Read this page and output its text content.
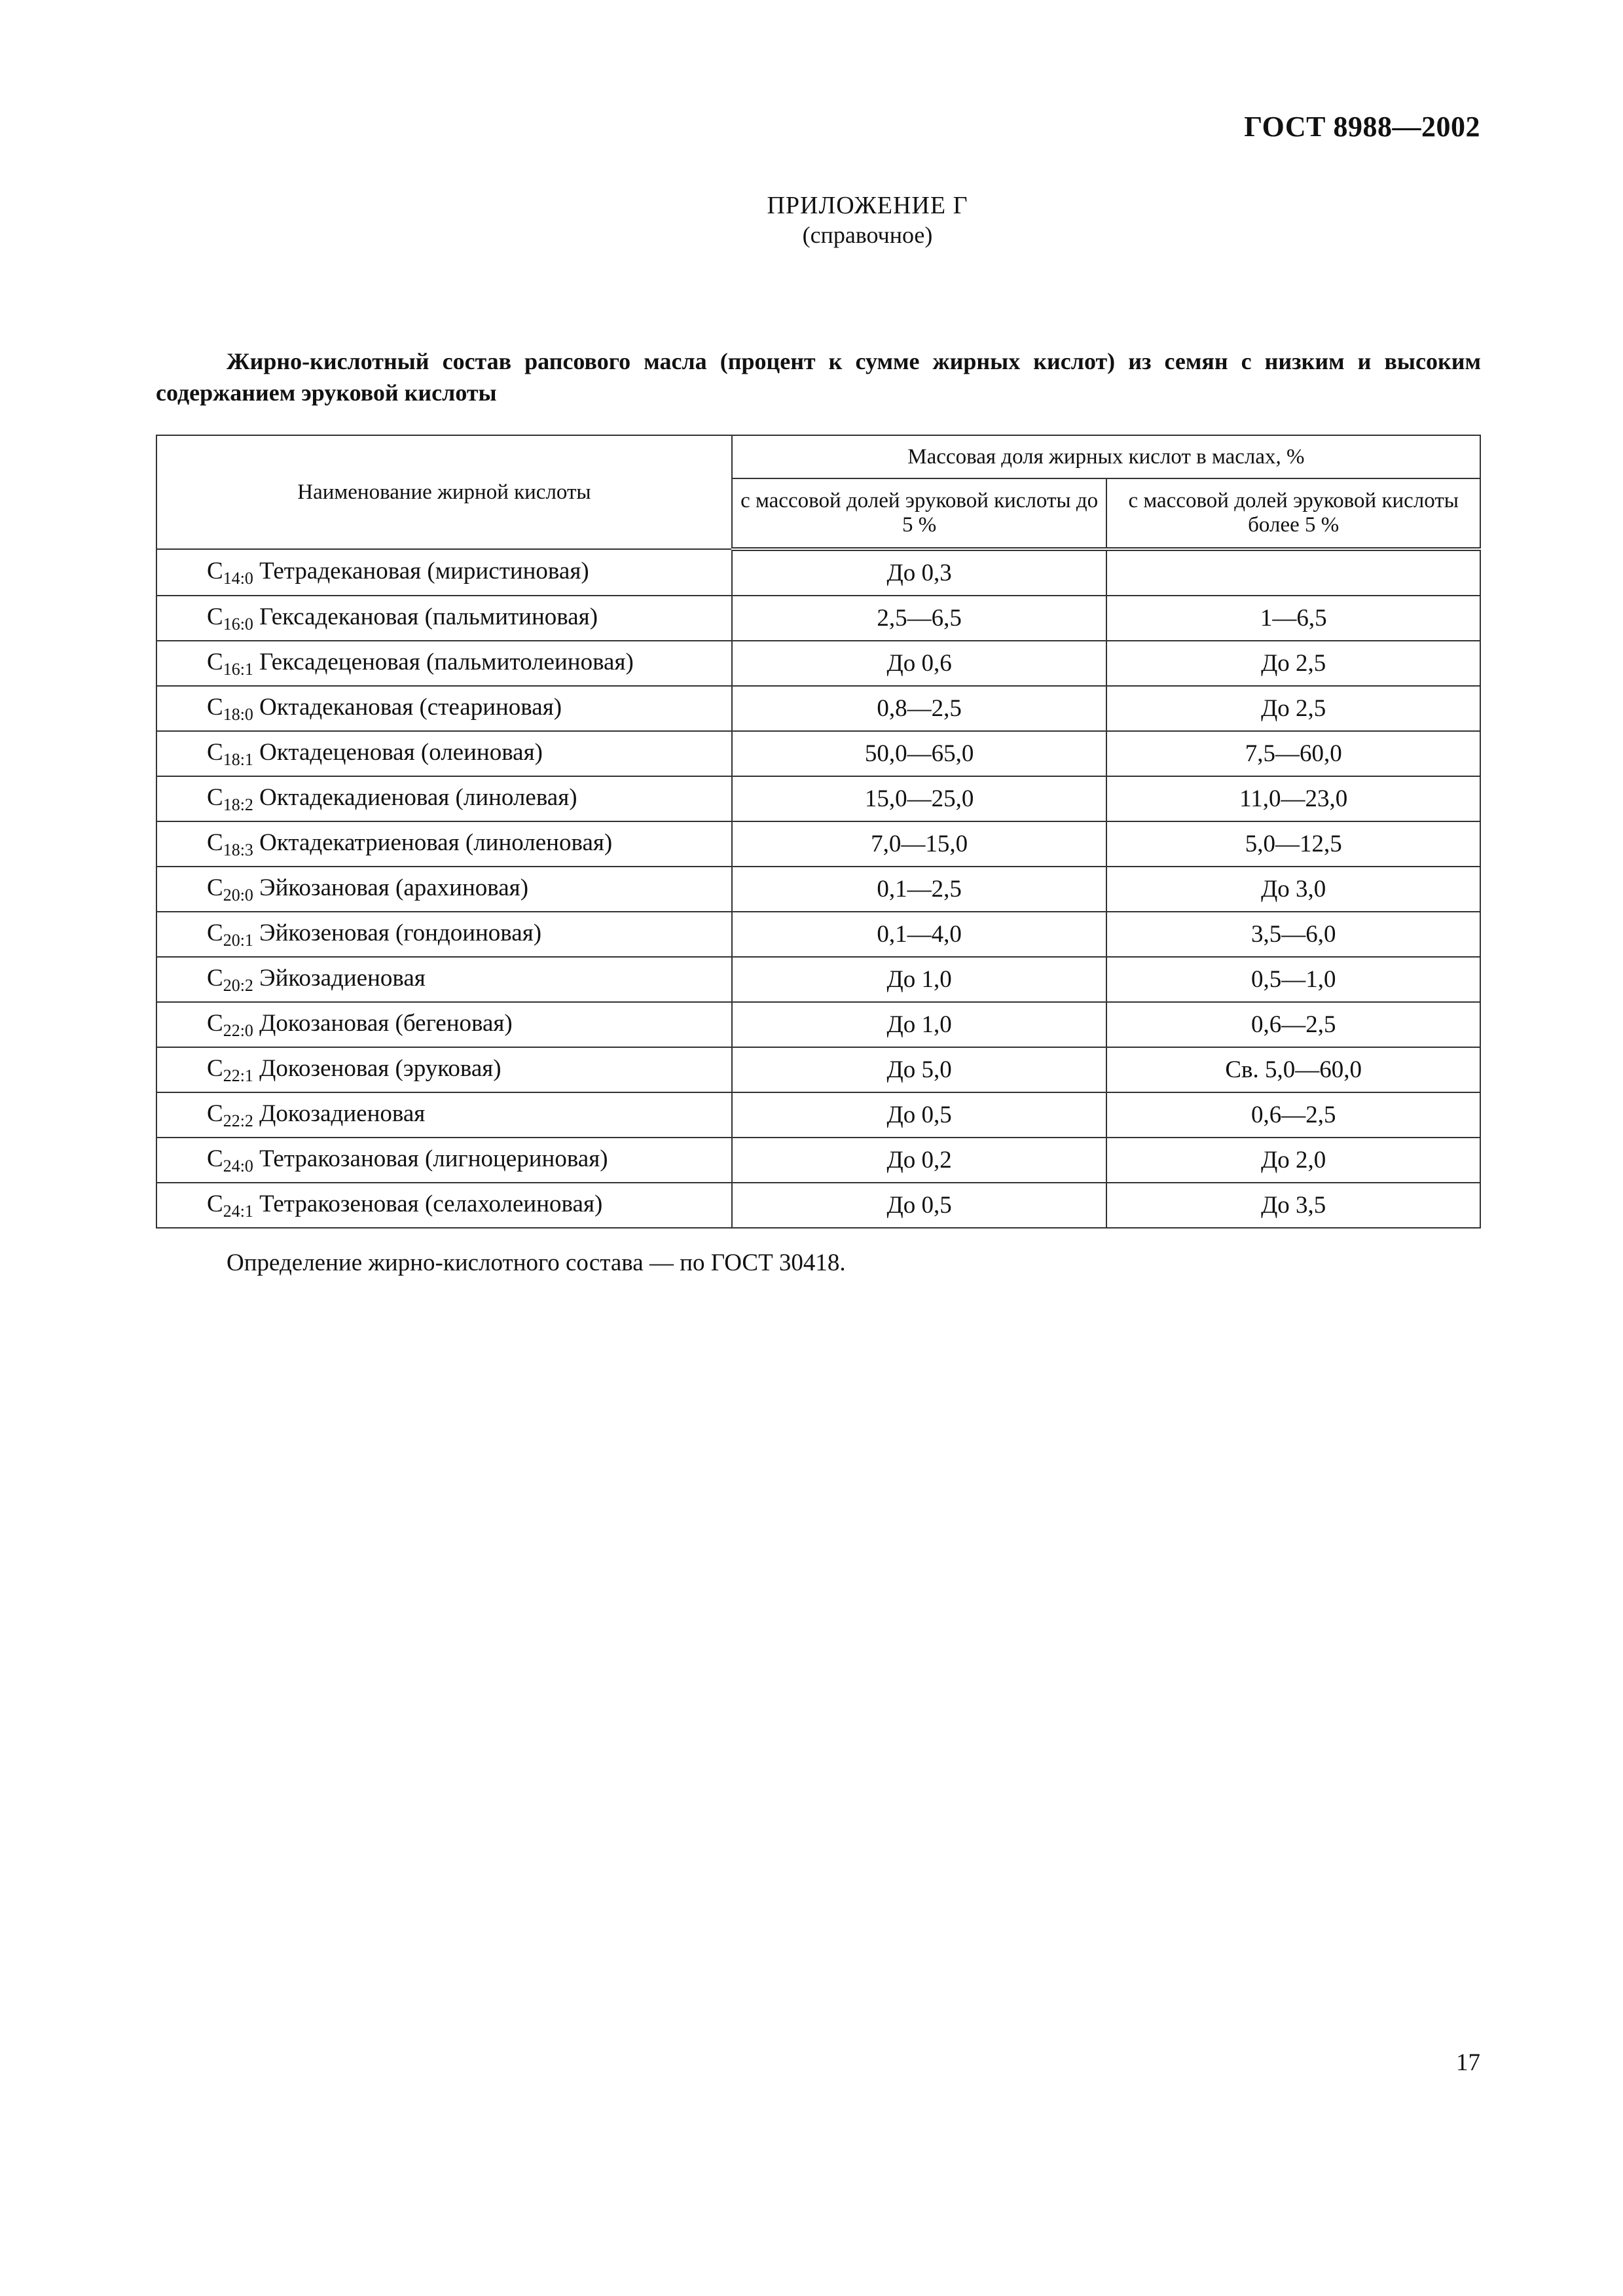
ГОСТ 8988—2002
ПРИЛОЖЕНИЕ Г
(справочное)
Жирно-кислотный состав рапсового масла (процент к сумме жирных кислот) из семян с низким и высоким содержанием эруковой кислоты
Наименование жирной кислоты	Массовая доля жирных кислот в маслах, %	
	с массовой долей эруковой кислоты до 5 %	с массовой долей эруковой кислоты более 5 %
$C_{14:0}$ Тетрадекановая (миристиновая)	До 0,3	
$C_{16:0}$ Гексадекановая (пальмитиновая)	2,5—6,5	1—6,5
$C_{16:1}$ Гексадеценовая (пальмитолеиновая)	До 0,6	До 2,5
$C_{18:0}$ Октадекановая (стеариновая)	0,8—2,5	До 2,5
$C_{18:1}$ Октадеценовая (олеиновая)	50,0—65,0	7,5—60,0
$C_{18:2}$ Октадекадиеновая (линолевая)	15,0—25,0	11,0—23,0
$C_{18:3}$ Октадекатриеновая (линоленовая)	7,0—15,0	5,0—12,5
$C_{20:0}$ Эйкозановая (арахиновая)	0,1—2,5	До 3,0
$C_{20:1}$ Эйкозеновая (гондоиновая)	0,1—4,0	3,5—6,0
$C_{20:2}$ Эйкозадиеновая	До 1,0	0,5—1,0
$C_{22:0}$ Докозановая (бегеновая)	До 1,0	0,6—2,5
$C_{22:1}$ Докозеновая (эруковая)	До 5,0	Св. 5,0—60,0
$C_{22:2}$ Докозадиеновая	До 0,5	0,6—2,5
$C_{24:0}$ Тетракозановая (лигноцериновая)	До 0,2	До 2,0
$C_{24:1}$ Тетракозеновая (селахолеиновая)	До 0,5	До 3,5
Определение жирно-кислотного состава — по ГОСТ 30418.
17
